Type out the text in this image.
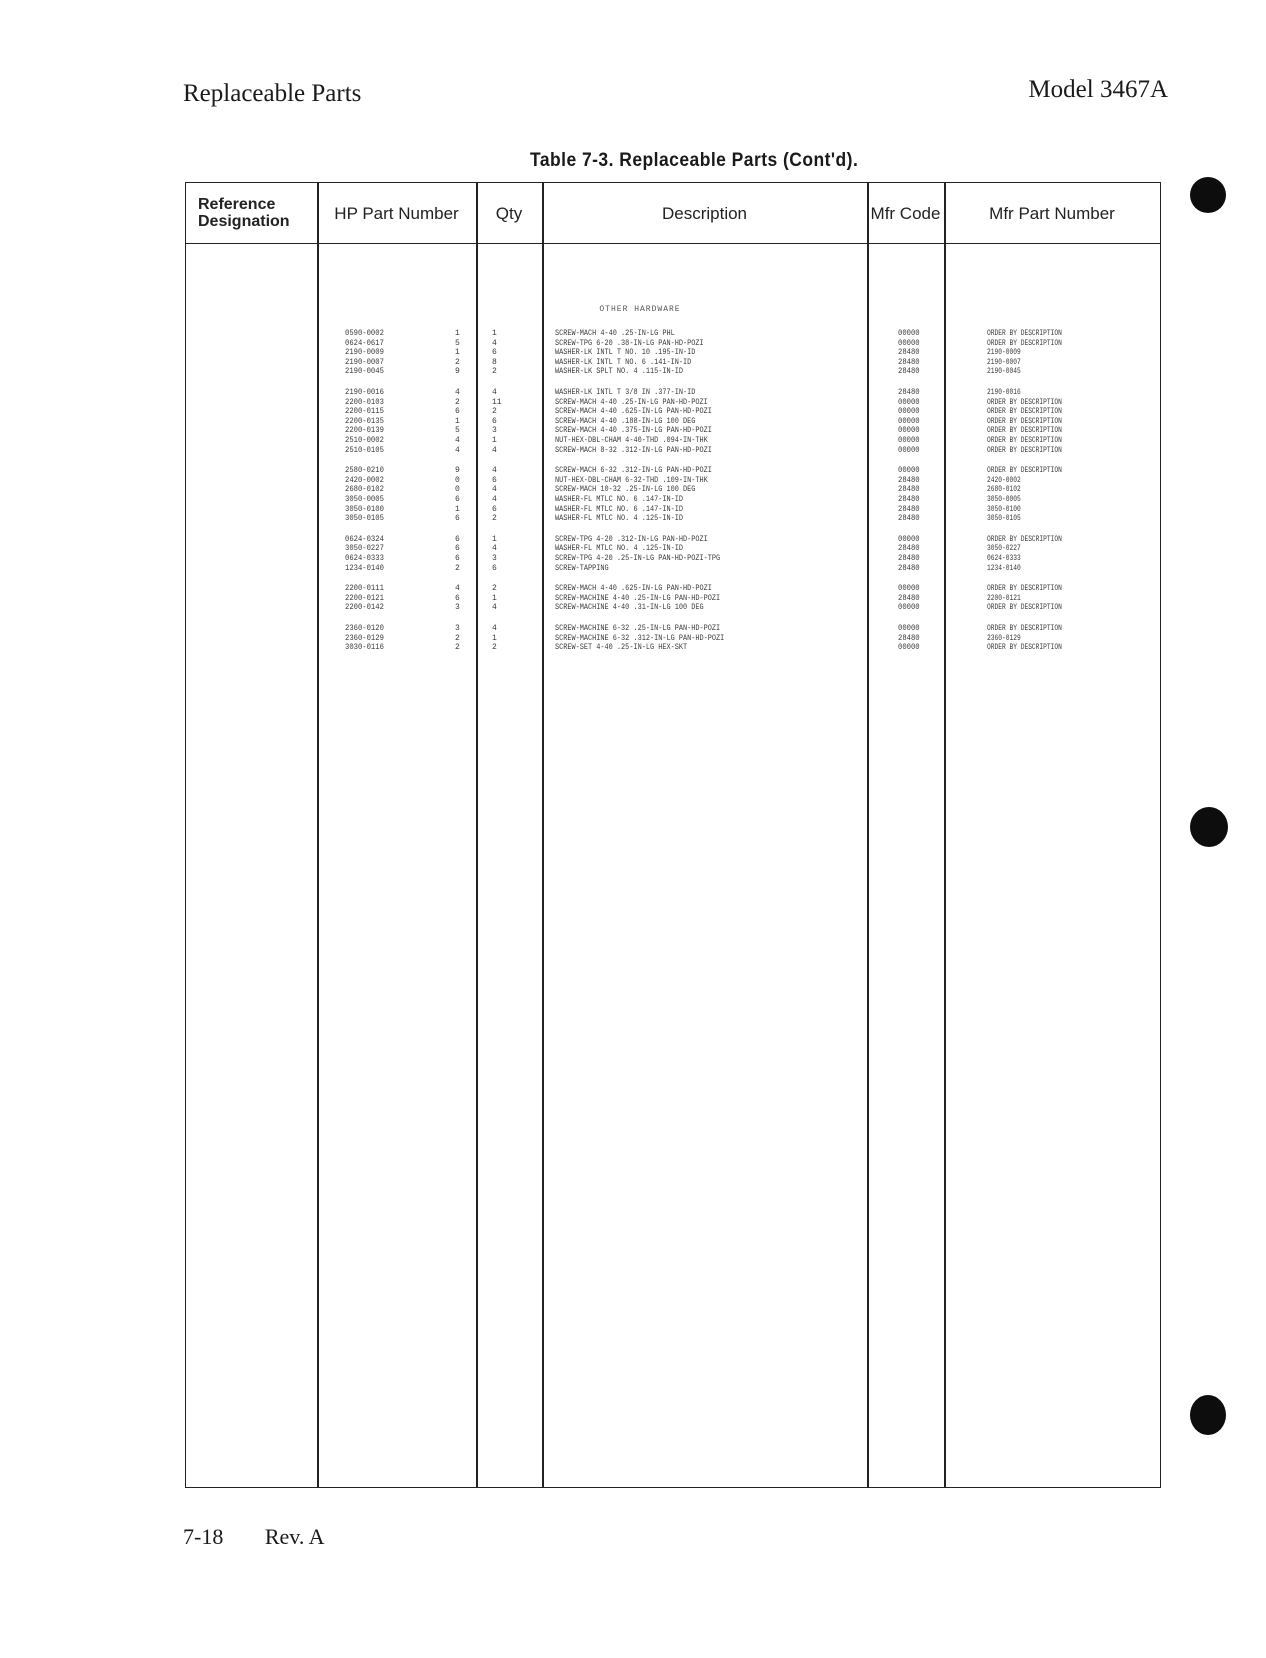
Replaceable Parts	Model 3467A
Table 7-3. Replaceable Parts (Cont'd).
Reference Designation	HP Part Number	Qty	Description	Mfr Code	Mfr Part Number
OTHER HARDWARE
0590-0002	1	1	SCREW-MACH 4-40 .25-IN-LG PHL	00000	ORDER BY DESCRIPTION
0624-0617	5	4	SCREW-TPG 6-20 .38-IN-LG PAN-HD-POZI	00000	ORDER BY DESCRIPTION
2190-0009	1	6	WASHER-LK INTL T NO. 10 .195-IN-ID	28480	2190-0009
2190-0007	2	8	WASHER-LK INTL T NO. 6 .141-IN-ID	28480	2190-0007
2190-0045	9	2	WASHER-LK SPLT NO. 4 .115-IN-ID	28480	2190-0045
2190-0016	4	4	WASHER-LK INTL T 3/8 IN .377-IN-ID	28480	2190-0016
2200-0103	2	11	SCREW-MACH 4-40 .25-IN-LG PAN-HD-POZI	00000	ORDER BY DESCRIPTION
2200-0115	6	2	SCREW-MACH 4-40 .625-IN-LG PAN-HD-POZI	00000	ORDER BY DESCRIPTION
2200-0135	1	6	SCREW-MACH 4-40 .188-IN-LG 100 DEG	00000	ORDER BY DESCRIPTION
2200-0139	5	3	SCREW-MACH 4-40 .375-IN-LG PAN-HD-POZI	00000	ORDER BY DESCRIPTION
2510-0002	4	1	NUT-HEX-DBL-CHAM 4-40-THD .094-IN-THK	00000	ORDER BY DESCRIPTION
2510-0105	4	4	SCREW-MACH 8-32 .312-IN-LG PAN-HD-POZI	00000	ORDER BY DESCRIPTION
2580-0210	9	4	SCREW-MACH 6-32 .312-IN-LG PAN-HD-POZI	00000	ORDER BY DESCRIPTION
2420-0002	0	6	NUT-HEX-DBL-CHAM 6-32-THD .109-IN-THK	28480	2420-0002
2680-0102	0	4	SCREW-MACH 10-32 .25-IN-LG 100 DEG	28480	2680-0102
3050-0005	6	4	WASHER-FL MTLC NO. 6 .147-IN-ID	28480	3050-0005
3050-0100	1	6	WASHER-FL MTLC NO. 6 .147-IN-ID	28480	3050-0100
3050-0105	6	2	WASHER-FL MTLC NO. 4 .125-IN-ID	28480	3050-0105
0624-0324	6	1	SCREW-TPG 4-20 .312-IN-LG PAN-HD-POZI	00000	ORDER BY DESCRIPTION
3050-0227	6	4	WASHER-FL MTLC NO. 4 .125-IN-ID	28480	3050-0227
0624-0333	6	3	SCREW-TPG 4-20 .25-IN-LG PAN-HD-POZI-TPG	28480	0624-0333
1234-0140	2	6	SCREW-TAPPING	28480	1234-0140
2200-0111	4	2	SCREW-MACH 4-40 .625-IN-LG PAN-HD-POZI	00000	ORDER BY DESCRIPTION
2200-0121	6	1	SCREW-MACHINE 4-40 .25-IN-LG PAN-HD-POZI	28480	2200-0121
2200-0142	3	4	SCREW-MACHINE 4-40 .31-IN-LG 100 DEG	00000	ORDER BY DESCRIPTION
2360-0120	3	4	SCREW-MACHINE 6-32 .25-IN-LG PAN-HD-POZI	00000	ORDER BY DESCRIPTION
2360-0129	2	1	SCREW-MACHINE 6-32 .312-IN-LG PAN-HD-POZI	28480	2360-0129
3030-0116	2	2	SCREW-SET 4-40 .25-IN-LG HEX-SKT	00000	ORDER BY DESCRIPTION
7-18 Rev. A
